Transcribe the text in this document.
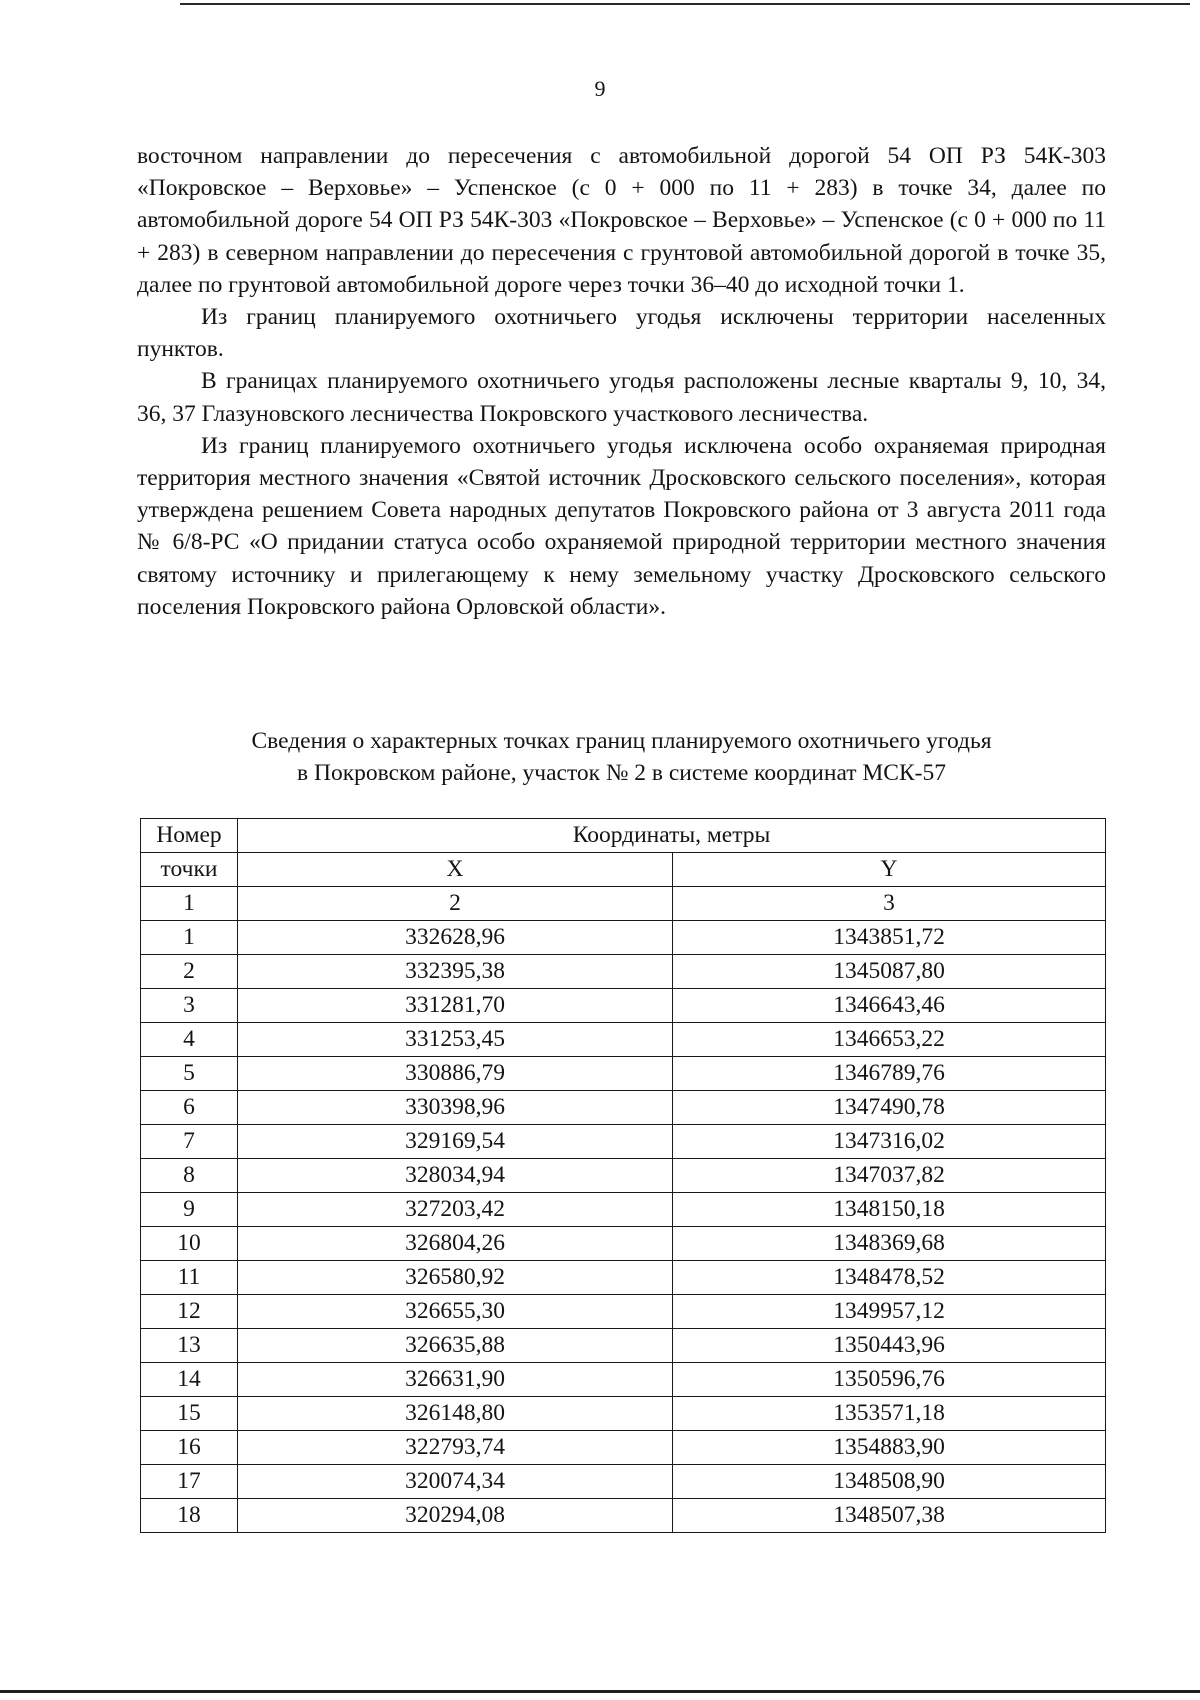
9

восточном направлении до пересечения с автомобильной дорогой 54 ОП РЗ 54К-303 «Покровское – Верховье» – Успенское (с 0 + 000 по 11 + 283) в точке 34, далее по автомобильной дороге 54 ОП РЗ 54К-303 «Покровское – Верховье» – Успенское (с 0 + 000 по 11 + 283) в северном направлении до пересечения с грунтовой автомобильной дорогой в точке 35, далее по грунтовой автомобильной дороге через точки 36–40 до исходной точки 1.

Из границ планируемого охотничьего угодья исключены территории населенных пунктов.

В границах планируемого охотничьего угодья расположены лесные кварталы 9, 10, 34, 36, 37 Глазуновского лесничества Покровского участкового лесничества.

Из границ планируемого охотничьего угодья исключена особо охраняемая природная территория местного значения «Святой источник Дросковского сельского поселения», которая утверждена решением Совета народных депутатов Покровского района от 3 августа 2011 года № 6/8-РС «О придании статуса особо охраняемой природной территории местного значения святому источнику и прилегающему к нему земельному участку Дросковского сельского поселения Покровского района Орловской области».

Сведения о характерных точках границ планируемого охотничьего угодья
в Покровском районе, участок № 2 в системе координат МСК-57
Номер	Координаты, метры	
точки	X	Y
1	2	3
1	332628,96	1343851,72
2	332395,38	1345087,80
3	331281,70	1346643,46
4	331253,45	1346653,22
5	330886,79	1346789,76
6	330398,96	1347490,78
7	329169,54	1347316,02
8	328034,94	1347037,82
9	327203,42	1348150,18
10	326804,26	1348369,68
11	326580,92	1348478,52
12	326655,30	1349957,12
13	326635,88	1350443,96
14	326631,90	1350596,76
15	326148,80	1353571,18
16	322793,74	1354883,90
17	320074,34	1348508,90
18	320294,08	1348507,38
